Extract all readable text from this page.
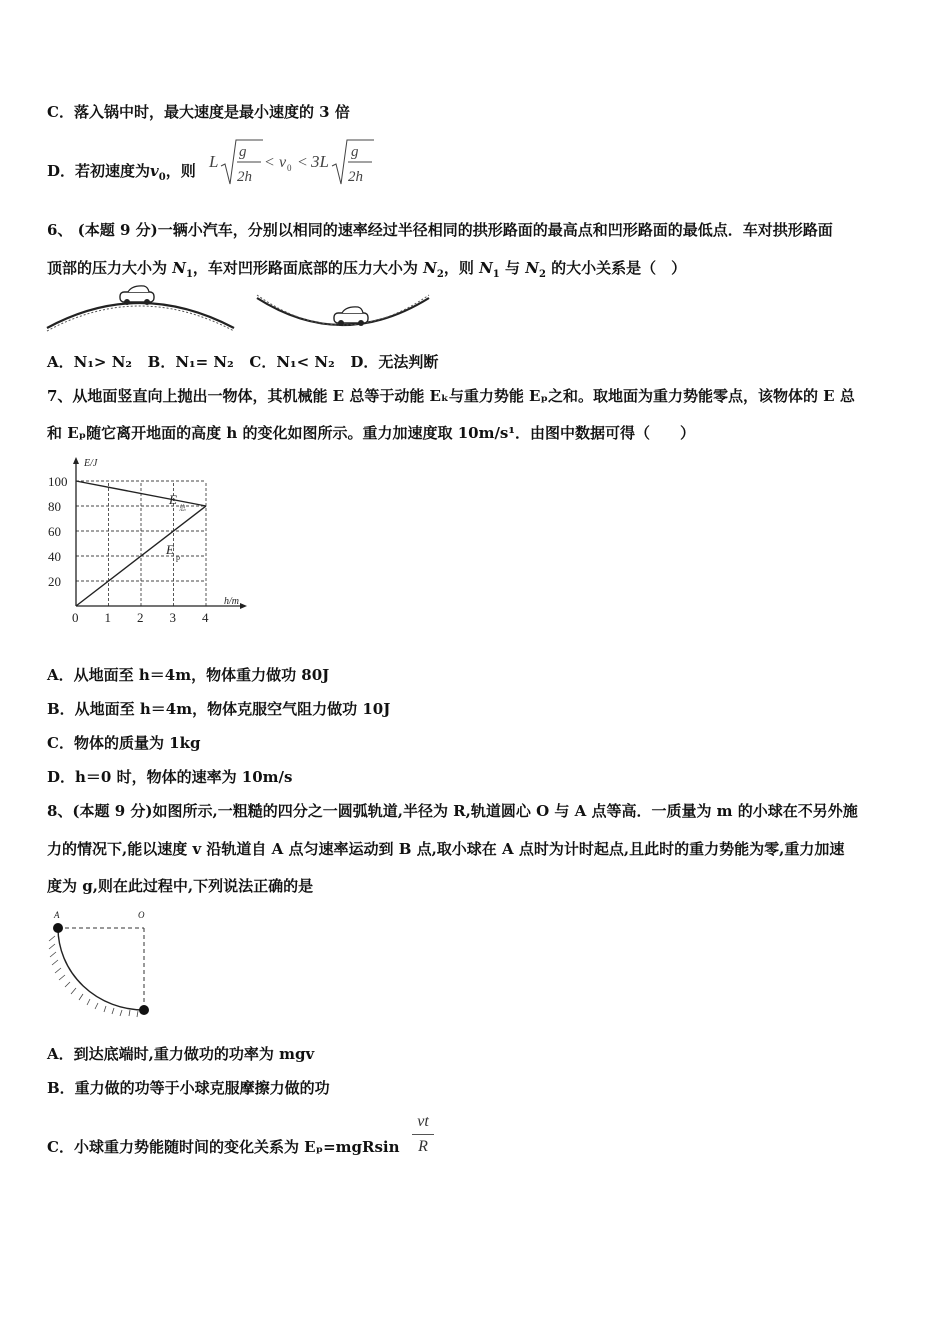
C．落入锅中时，最大速度是最小速度的 3 倍
D．若初速度为$v_0$，则 L g
2h
< v 0 < 3L g
2h
6、 (本题 9 分)一辆小汽车，分别以相同的速率经过半径相同的拱形路面的最高点和凹形路面的最低点．车对拱形路面
顶部的压力大小为 $N_1$，车对凹形路面底部的压力大小为 $N_2$，则 $N_1$ 与 $N_2$ 的大小关系是（　）
A．N₁> N₂ B．N₁= N₂ C．N₁< N₂ D．无法判断
7、从地面竖直向上抛出一物体，其机械能 E 总等于动能 Eₖ与重力势能 Eₚ之和。取地面为重力势能零点，该物体的 E 总
和 Eₚ随它离开地面的高度 h 的变化如图所示。重力加速度取 10m/s¹．由图中数据可得（　　）
E/J
h/m
0 1 2 3 4
20
40
60
80
100
E
总
E
p
A．从地面至 h＝4m，物体重力做功 80J
B．从地面至 h＝4m，物体克服空气阻力做功 10J
C．物体的质量为 1kg
D．h＝0 时，物体的速率为 10m/s
8、(本题 9 分)如图所示,一粗糙的四分之一圆弧轨道,半径为 R,轨道圆心 O 与 A 点等高．一质量为 m 的小球在不另外施
力的情况下,能以速度 v 沿轨道自 A 点匀速率运动到 B 点,取小球在 A 点时为计时起点,且此时的重力势能为零,重力加速
度为 g,则在此过程中,下列说法正确的是
A	O
A．到达底端时,重力做功的功率为 mgv
B．重力做的功等于小球克服摩擦力做的功
C．小球重力势能随时间的变化关系为 Eₚ=mgRsin
vt
R
